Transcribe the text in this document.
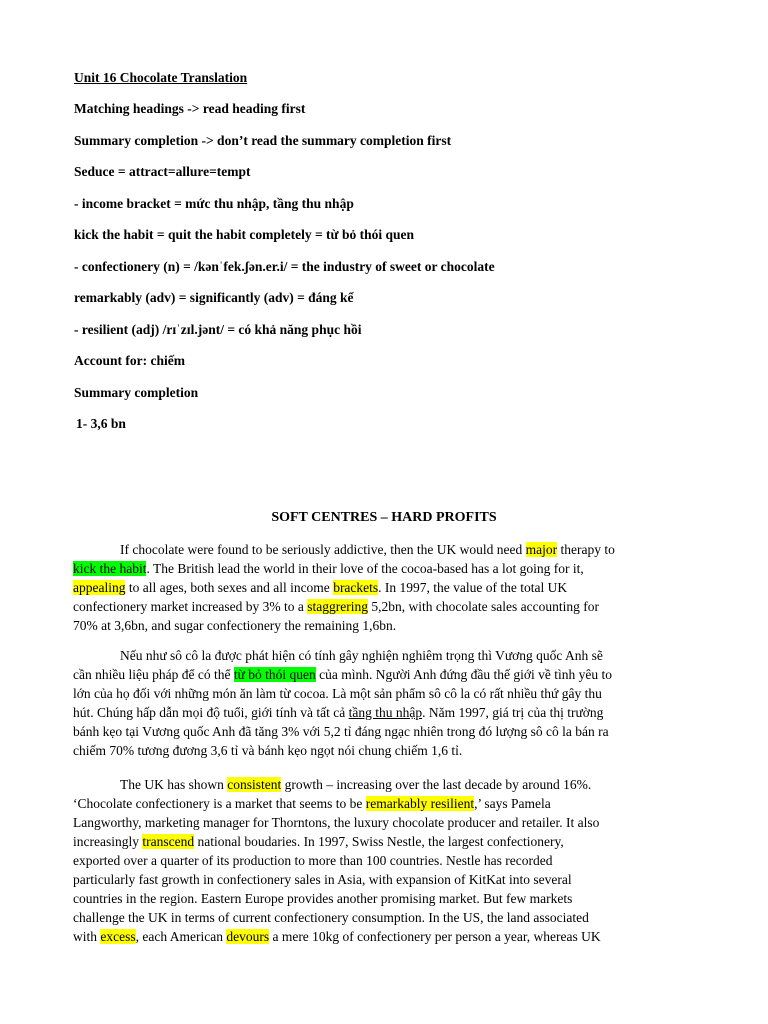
Unit 16 Chocolate Translation
Matching headings -> read heading first
Summary completion -> don’t read the summary completion first
Seduce = attract=allure=tempt
- income bracket = mức thu nhập, tầng thu nhập
kick the habit = quit the habit completely = từ bỏ thói quen
- confectionery (n) = /kənˈfek.ʃən.er.i/ = the industry of sweet or chocolate
remarkably (adv) = significantly (adv) = đáng kể
- resilient (adj) /rɪˈzɪl.jənt/ = có khả năng phục hồi
Account for: chiếm
Summary completion
1- 3,6 bn
SOFT CENTRES – HARD PROFITS
If chocolate were found to be seriously addictive, then the UK would need major therapy to
kick the habit. The British lead the world in their love of the cocoa-based has a lot going for it,
appealing to all ages, both sexes and all income brackets. In 1997, the value of the total UK
confectionery market increased by 3% to a staggrering 5,2bn, with chocolate sales accounting for
70% at 3,6bn, and sugar confectionery the remaining 1,6bn.
Nếu như sô cô la được phát hiện có tính gây nghiện nghiêm trọng thì Vương quốc Anh sẽ
cần nhiều liệu pháp để có thể từ bỏ thói quen của mình. Người Anh đứng đầu thế giới về tình yêu to
lớn của họ đối với những món ăn làm từ cocoa. Là một sản phẩm sô cô la có rất nhiều thứ gây thu
hút. Chúng hấp dẫn mọi độ tuổi, giới tính và tất cả tầng thu nhập. Năm 1997, giá trị của thị trường
bánh kẹo tại Vương quốc Anh đã tăng 3% với 5,2 tỉ đáng ngạc nhiên trong đó lượng sô cô la bán ra
chiếm 70% tương đương 3,6 tỉ và bánh kẹo ngọt nói chung chiếm 1,6 tỉ.
The UK has shown consistent growth – increasing over the last decade by around 16%.
‘Chocolate confectionery is a market that seems to be remarkably resilient,’ says Pamela
Langworthy, marketing manager for Thorntons, the luxury chocolate producer and retailer. It also
increasingly transcend national boudaries. In 1997, Swiss Nestle, the largest confectionery,
exported over a quarter of its production to more than 100 countries. Nestle has recorded
particularly fast growth in confectionery sales in Asia, with expansion of KitKat into several
countries in the region. Eastern Europe provides another promising market. But few markets
challenge the UK in terms of current confectionery consumption. In the US, the land associated
with excess, each American devours a mere 10kg of confectionery per person a year, whereas UK
